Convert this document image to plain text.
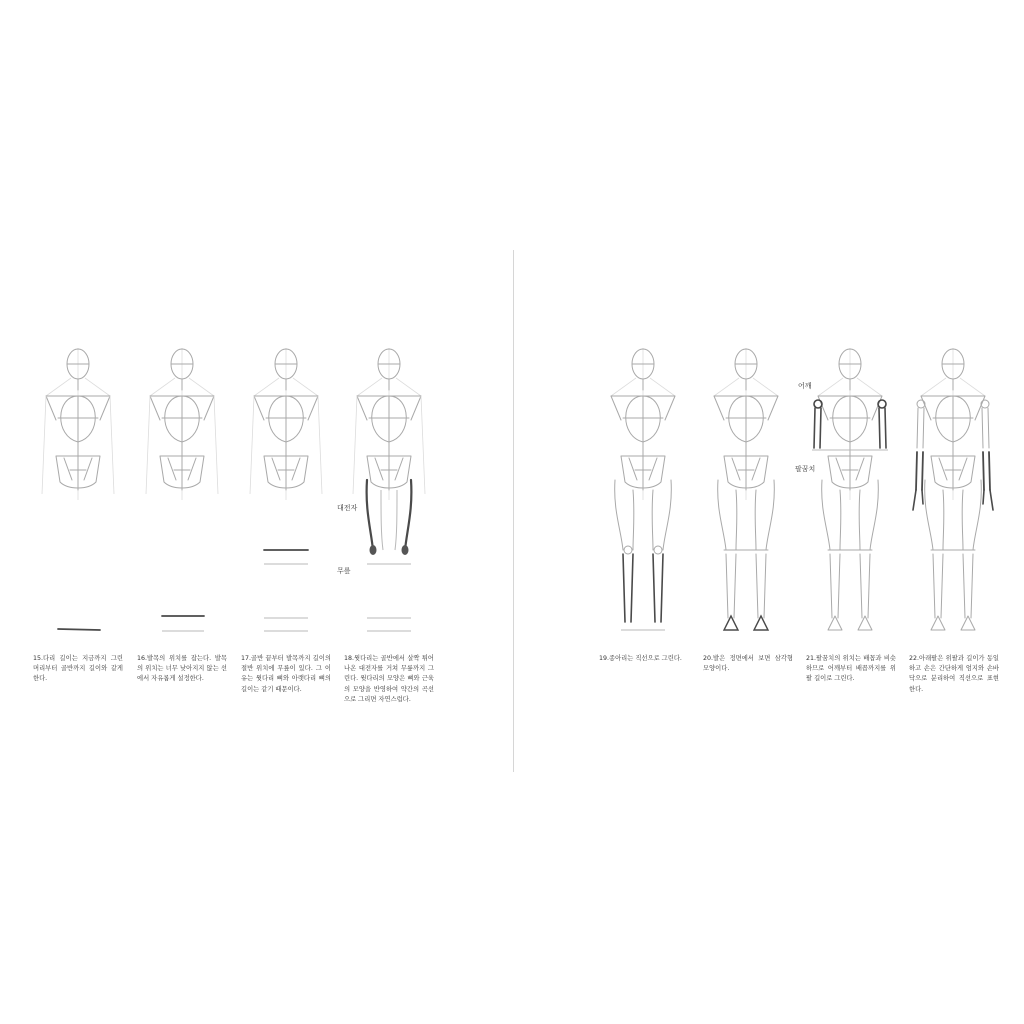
대전자
무릎
15.다리 길이는 지금까지 그린 머리부터 골반까지 길이와 같게 한다.
16.발목의 위치를 잡는다. 발목의 위치는 너무 낮아지지 않는 선에서 자유롭게 설정한다.
17.골반 끝부터 발목까지 길이의 절반 위치에 무릎이 있다. 그 이유는 윗다리 뼈와 아랫다리 뼈의 길이는 같기 때문이다.
18.윗다리는 골반에서 살짝 튀어나온 대전자를 거쳐 무릎까지 그린다. 윗다리의 모양은 뼈와 근육의 모양을 반영하여 약간의 곡선으로 그리면 자연스럽다.
어깨
팔꿈치
19.종아리는 직선으로 그린다.	20.발은 정면에서 보면 삼각형 모양이다.
21.팔꿈치의 위치는 배꼽과 비슷하므로 어깨부터 배꼽까지를 위팔 길이로 그린다.
22.아래팔은 위팔과 길이가 동일하고 손은 간단하게 엄지와 손바닥으로 분리하여 직선으로 표현한다.
